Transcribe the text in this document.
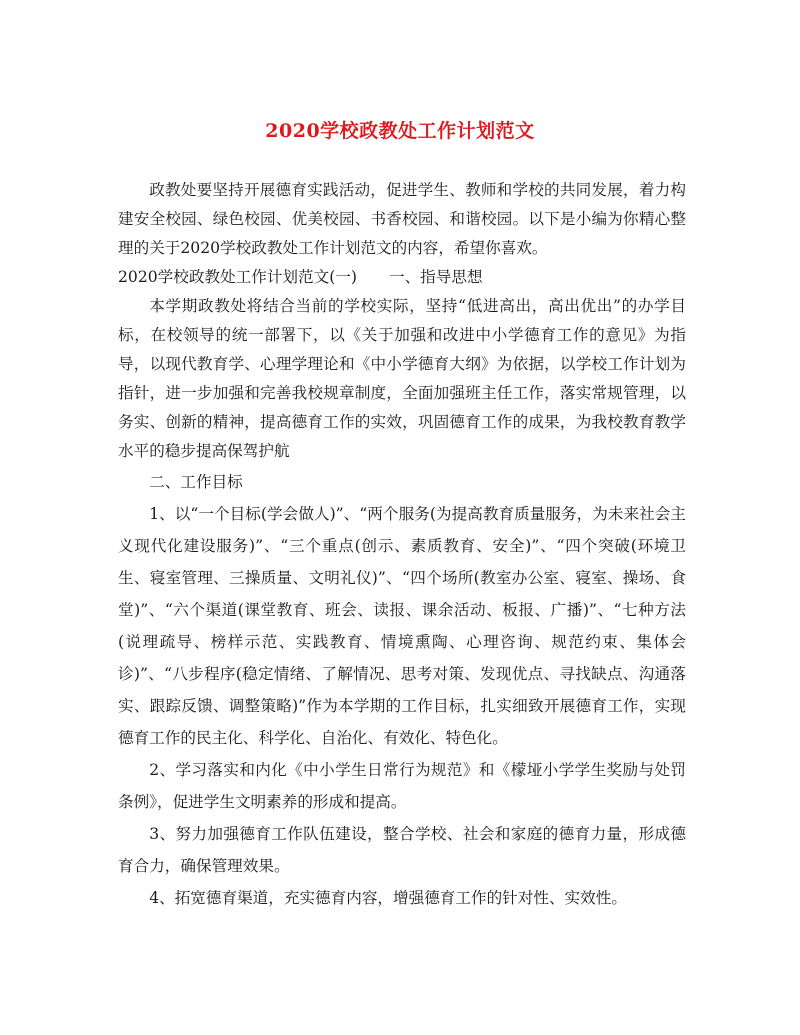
2020学校政教处工作计划范文

政教处要坚持开展德育实践活动，促进学生、教师和学校的共同发展，着力构建安全校园、绿色校园、优美校园、书香校园、和谐校园。以下是小编为你精心整理的关于2020学校政教处工作计划范文的内容，希望你喜欢。

2020学校政教处工作计划范文(一) 一、指导思想

本学期政教处将结合当前的学校实际，坚持“低进高出，高出优出”的办学目标，在校领导的统一部署下，以《关于加强和改进中小学德育工作的意见》为指导，以现代教育学、心理学理论和《中小学德育大纲》为依据，以学校工作计划为指针，进一步加强和完善我校规章制度，全面加强班主任工作，落实常规管理，以务实、创新的精神，提高德育工作的实效，巩固德育工作的成果，为我校教育教学水平的稳步提高保驾护航

二、工作目标

1、以“一个目标(学会做人)”、“两个服务(为提高教育质量服务，为未来社会主义现代化建设服务)”、“三个重点(创示、素质教育、安全)”、“四个突破(环境卫生、寝室管理、三操质量、文明礼仪)”、“四个场所(教室办公室、寝室、操场、食堂)”、“六个渠道(课堂教育、班会、读报、课余活动、板报、广播)”、“七种方法(说理疏导、榜样示范、实践教育、情境熏陶、心理咨询、规范约束、集体会诊)”、“八步程序(稳定情绪、了解情况、思考对策、发现优点、寻找缺点、沟通落实、跟踪反馈、调整策略)”作为本学期的工作目标，扎实细致开展德育工作，实现德育工作的民主化、科学化、自治化、有效化、特色化。

2、学习落实和内化《中小学生日常行为规范》和《檬垭小学学生奖励与处罚条例》，促进学生文明素养的形成和提高。

3、努力加强德育工作队伍建设，整合学校、社会和家庭的德育力量，形成德育合力，确保管理效果。

4、拓宽德育渠道，充实德育内容，增强德育工作的针对性、实效性。
